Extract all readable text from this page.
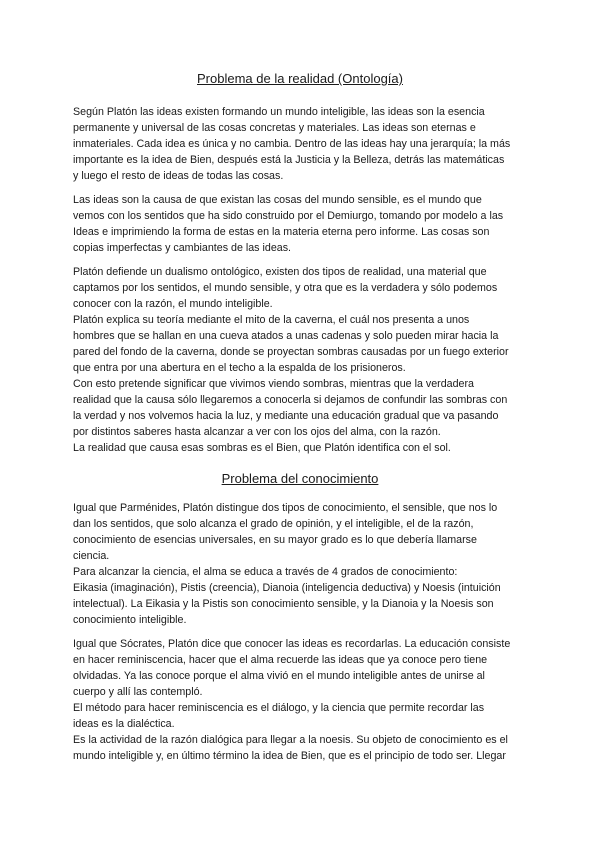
Problema de la realidad (Ontología)
Según Platón las ideas existen formando un mundo inteligible, las ideas son la esencia
permanente y universal de las cosas concretas y materiales. Las ideas son eternas e
inmateriales. Cada idea es única y no cambia. Dentro de las ideas hay una jerarquía; la más
importante es la idea de Bien, después está la Justicia y la Belleza, detrás las matemáticas
y luego el resto de ideas de todas las cosas.
Las ideas son la causa de que existan las cosas del mundo sensible, es el mundo que
vemos con los sentidos que ha sido construido por el Demiurgo, tomando por modelo a las
Ideas e imprimiendo la forma de estas en la materia eterna pero informe. Las cosas son
copias imperfectas y cambiantes de las ideas.
Platón defiende un dualismo ontológico, existen dos tipos de realidad, una material que
captamos por los sentidos, el mundo sensible, y otra que es la verdadera y sólo podemos
conocer con la razón, el mundo inteligible.
Platón explica su teoría mediante el mito de la caverna, el cuál nos presenta a unos
hombres que se hallan en una cueva atados a unas cadenas y solo pueden mirar hacia la
pared del fondo de la caverna, donde se proyectan sombras causadas por un fuego exterior
que entra por una abertura en el techo a la espalda de los prisioneros.
Con esto pretende significar que vivimos viendo sombras, mientras que la verdadera
realidad que la causa sólo llegaremos a conocerla si dejamos de confundir las sombras con
la verdad y nos volvemos hacia la luz, y mediante una educación gradual que va pasando
por distintos saberes hasta alcanzar a ver con los ojos del alma, con la razón.
La realidad que causa esas sombras es el Bien, que Platón identifica con el sol.
Problema del conocimiento
Igual que Parménides, Platón distingue dos tipos de conocimiento, el sensible, que nos lo
dan los sentidos, que solo alcanza el grado de opinión, y el inteligible, el de la razón,
conocimiento de esencias universales, en su mayor grado es lo que debería llamarse
ciencia.
Para alcanzar la ciencia, el alma se educa a través de 4 grados de conocimiento:
Eikasia (imaginación), Pistis (creencia), Dianoia (inteligencia deductiva) y Noesis (intuición
intelectual). La Eikasia y la Pistis son conocimiento sensible, y la Dianoia y la Noesis son
conocimiento inteligible.
Igual que Sócrates, Platón dice que conocer las ideas es recordarlas. La educación consiste
en hacer reminiscencia, hacer que el alma recuerde las ideas que ya conoce pero tiene
olvidadas. Ya las conoce porque el alma vivió en el mundo inteligible antes de unirse al
cuerpo y allí las contempló.
El método para hacer reminiscencia es el diálogo, y la ciencia que permite recordar las
ideas es la dialéctica.
Es la actividad de la razón dialógica para llegar a la noesis. Su objeto de conocimiento es el
mundo inteligible y, en último término la idea de Bien, que es el principio de todo ser. Llegar
